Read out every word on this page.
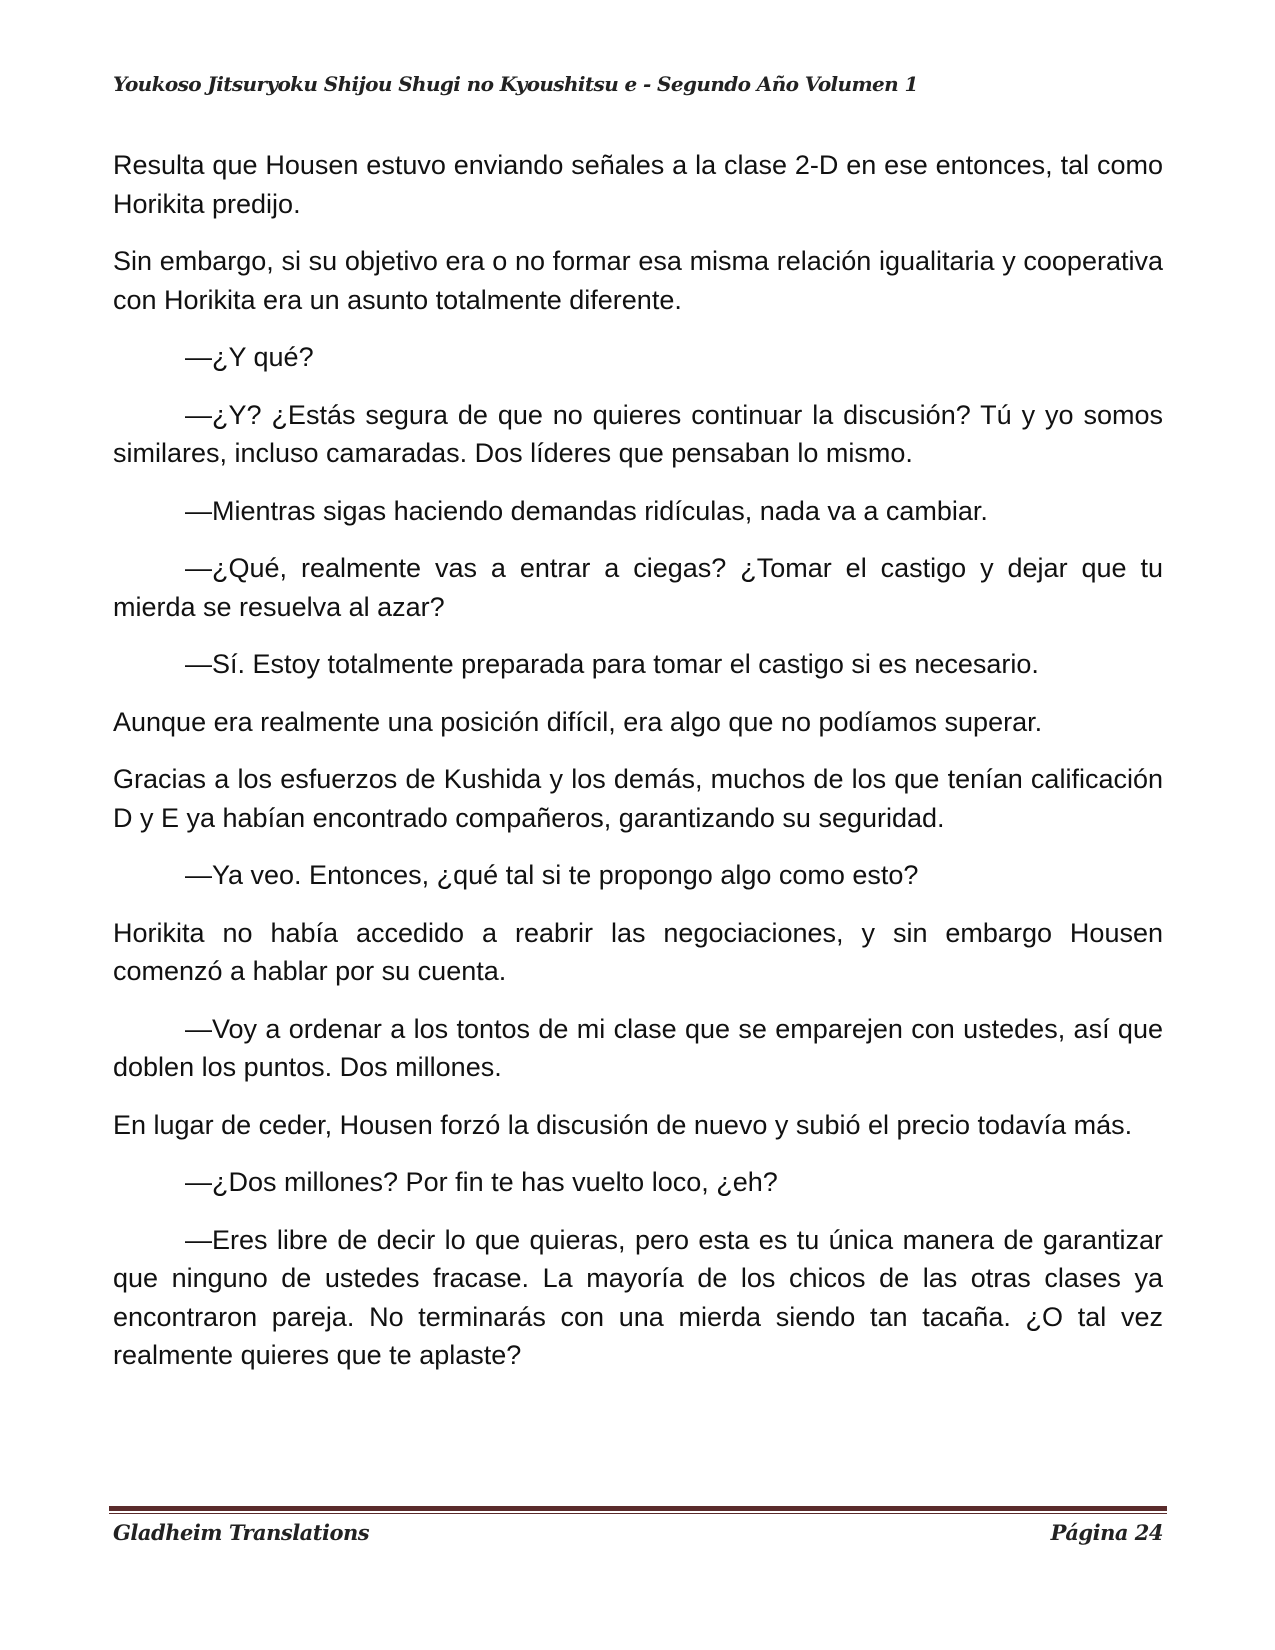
Youkoso Jitsuryoku Shijou Shugi no Kyoushitsu e - Segundo Año Volumen 1

Resulta que Housen estuvo enviando señales a la clase 2-D en ese entonces, tal como Horikita predijo.

Sin embargo, si su objetivo era o no formar esa misma relación igualitaria y cooperativa con Horikita era un asunto totalmente diferente.

—¿Y qué?

—¿Y? ¿Estás segura de que no quieres continuar la discusión? Tú y yo somos similares, incluso camaradas. Dos líderes que pensaban lo mismo.

—Mientras sigas haciendo demandas ridículas, nada va a cambiar.

—¿Qué, realmente vas a entrar a ciegas? ¿Tomar el castigo y dejar que tu mierda se resuelva al azar?

—Sí. Estoy totalmente preparada para tomar el castigo si es necesario.

Aunque era realmente una posición difícil, era algo que no podíamos superar.

Gracias a los esfuerzos de Kushida y los demás, muchos de los que tenían calificación D y E ya habían encontrado compañeros, garantizando su seguridad.

—Ya veo. Entonces, ¿qué tal si te propongo algo como esto?

Horikita no había accedido a reabrir las negociaciones, y sin embargo Housen comenzó a hablar por su cuenta.

—Voy a ordenar a los tontos de mi clase que se emparejen con ustedes, así que doblen los puntos. Dos millones.

En lugar de ceder, Housen forzó la discusión de nuevo y subió el precio todavía más.

—¿Dos millones? Por fin te has vuelto loco, ¿eh?

—Eres libre de decir lo que quieras, pero esta es tu única manera de garantizar que ninguno de ustedes fracase. La mayoría de los chicos de las otras clases ya encontraron pareja. No terminarás con una mierda siendo tan tacaña. ¿O tal vez realmente quieres que te aplaste?

Gladheim Translations	Página 24
